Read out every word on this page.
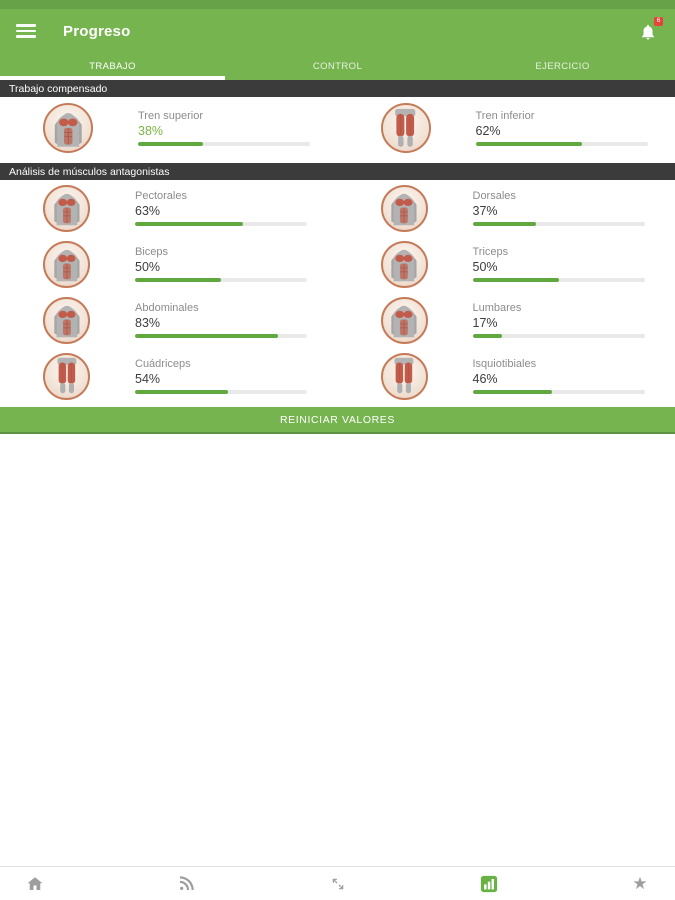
Progreso
6
TRABAJO	CONTROL	EJERCICIO
Trabajo compensado
Tren superior
38%
Tren inferior
62%
Análisis de músculos antagonistas
Pectorales
63%
Dorsales
37%
Biceps
50%
Triceps
50%
Abdominales
83%
Lumbares
17%
Cuádriceps
54%
Isquiotibiales
46%
REINICIAR VALORES
★
